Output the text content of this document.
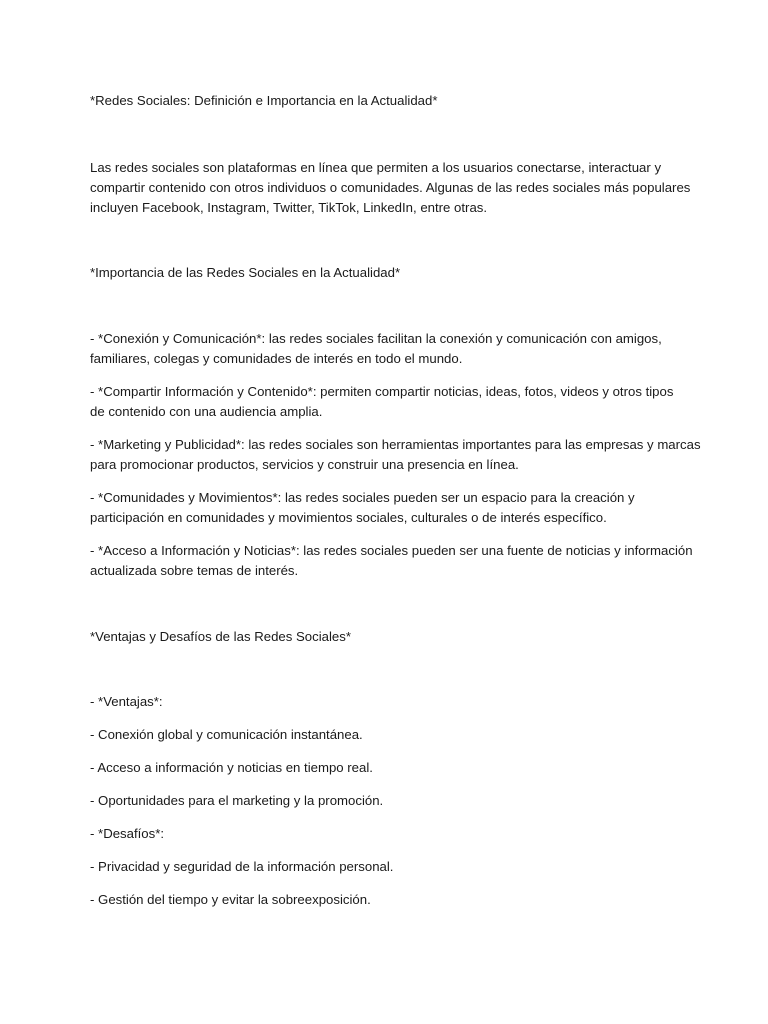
*Redes Sociales: Definición e Importancia en la Actualidad*
Las redes sociales son plataformas en línea que permiten a los usuarios conectarse, interactuar y
compartir contenido con otros individuos o comunidades. Algunas de las redes sociales más populares
incluyen Facebook, Instagram, Twitter, TikTok, LinkedIn, entre otras.
*Importancia de las Redes Sociales en la Actualidad*
- *Conexión y Comunicación*: las redes sociales facilitan la conexión y comunicación con amigos,
familiares, colegas y comunidades de interés en todo el mundo.
- *Compartir Información y Contenido*: permiten compartir noticias, ideas, fotos, videos y otros tipos
de contenido con una audiencia amplia.
- *Marketing y Publicidad*: las redes sociales son herramientas importantes para las empresas y marcas
para promocionar productos, servicios y construir una presencia en línea.
- *Comunidades y Movimientos*: las redes sociales pueden ser un espacio para la creación y
participación en comunidades y movimientos sociales, culturales o de interés específico.
- *Acceso a Información y Noticias*: las redes sociales pueden ser una fuente de noticias y información
actualizada sobre temas de interés.
*Ventajas y Desafíos de las Redes Sociales*
- *Ventajas*:
- Conexión global y comunicación instantánea.
- Acceso a información y noticias en tiempo real.
- Oportunidades para el marketing y la promoción.
- *Desafíos*:
- Privacidad y seguridad de la información personal.
- Gestión del tiempo y evitar la sobreexposición.
